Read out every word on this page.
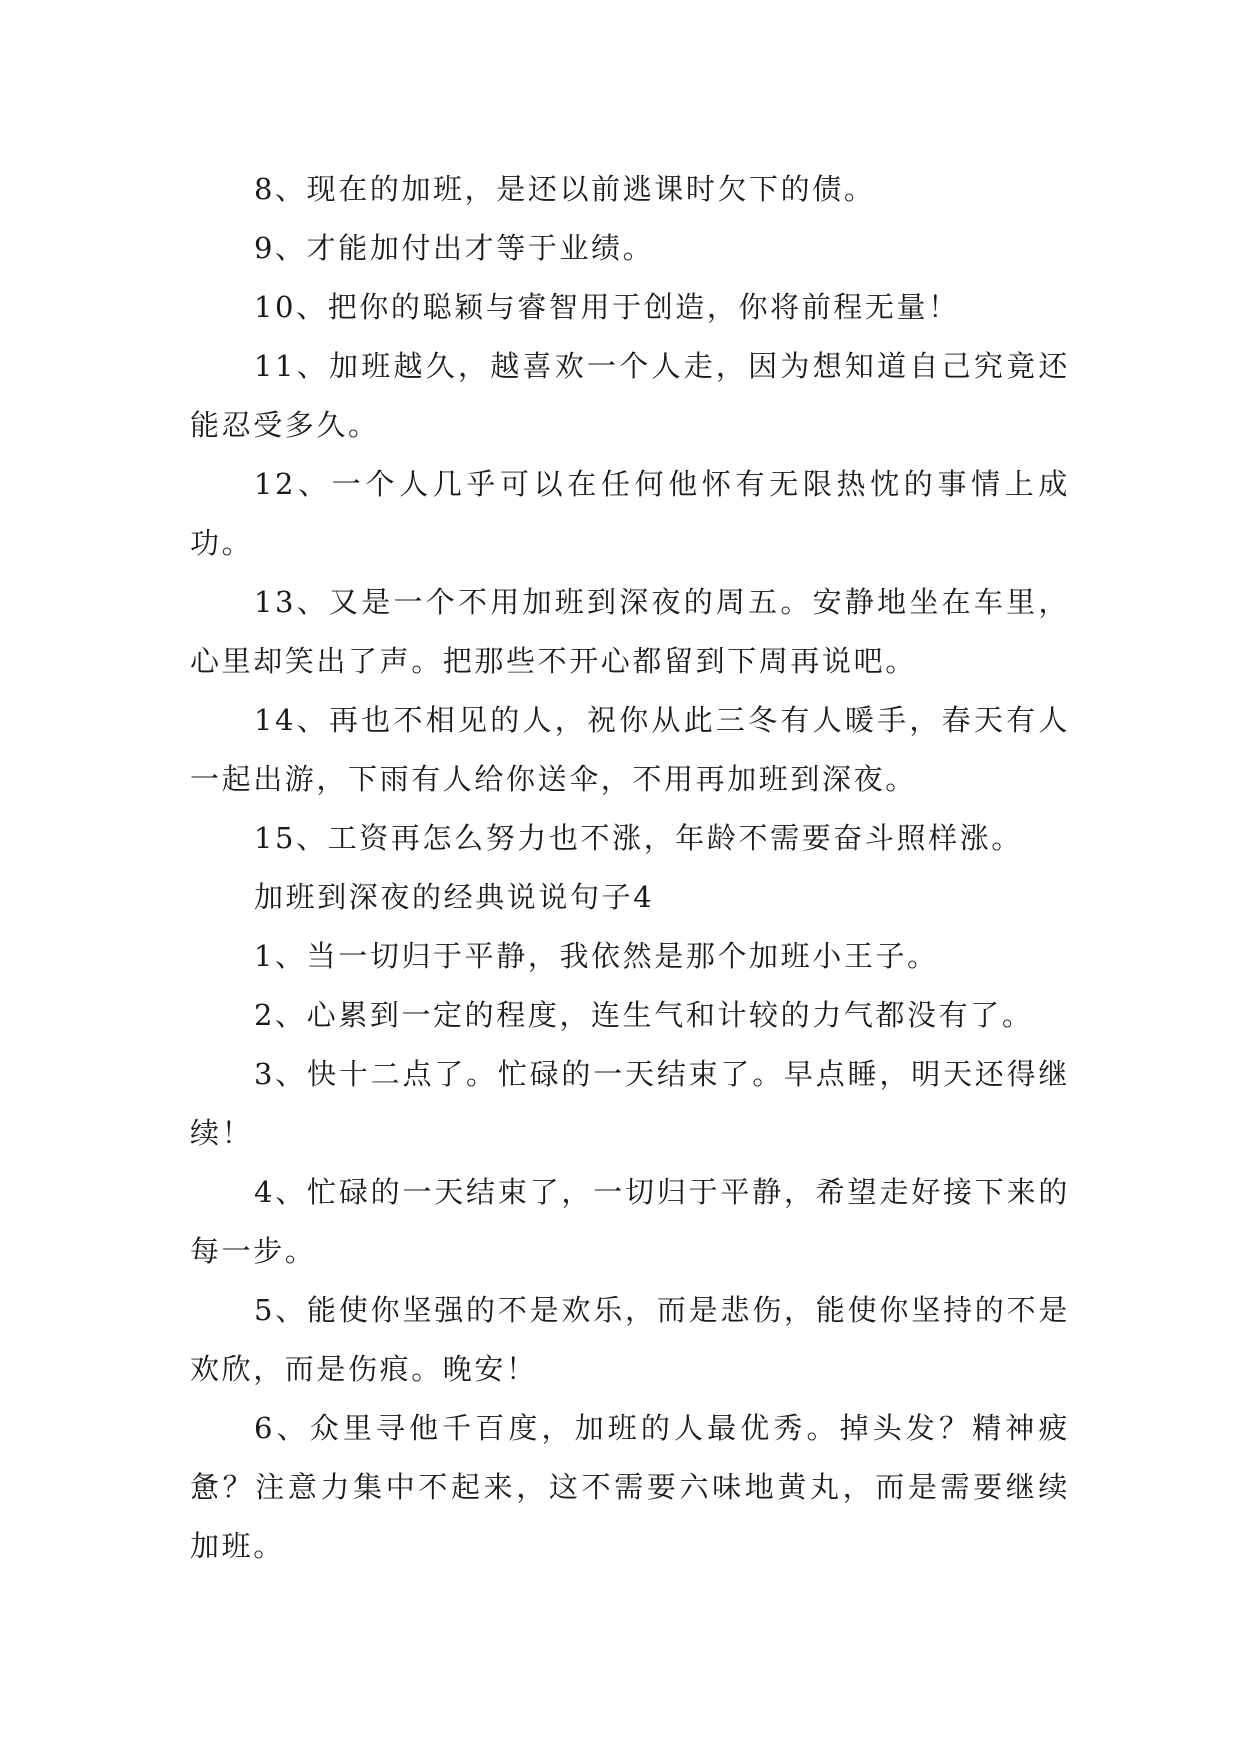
8、现在的加班，是还以前逃课时欠下的债。

9、才能加付出才等于业绩。

10、把你的聪颖与睿智用于创造，你将前程无量！

11、加班越久，越喜欢一个人走，因为想知道自己究竟还能忍受多久。

12、一个人几乎可以在任何他怀有无限热忱的事情上成功。

13、又是一个不用加班到深夜的周五。安静地坐在车里，心里却笑出了声。把那些不开心都留到下周再说吧。

14、再也不相见的人，祝你从此三冬有人暖手，春天有人一起出游，下雨有人给你送伞，不用再加班到深夜。

15、工资再怎么努力也不涨，年龄不需要奋斗照样涨。

加班到深夜的经典说说句子4

1、当一切归于平静，我依然是那个加班小王子。

2、心累到一定的程度，连生气和计较的力气都没有了。

3、快十二点了。忙碌的一天结束了。早点睡，明天还得继续！

4、忙碌的一天结束了，一切归于平静，希望走好接下来的每一步。

5、能使你坚强的不是欢乐，而是悲伤，能使你坚持的不是欢欣，而是伤痕。晚安！

6、众里寻他千百度，加班的人最优秀。掉头发？精神疲惫？注意力集中不起来，这不需要六味地黄丸，而是需要继续加班。
